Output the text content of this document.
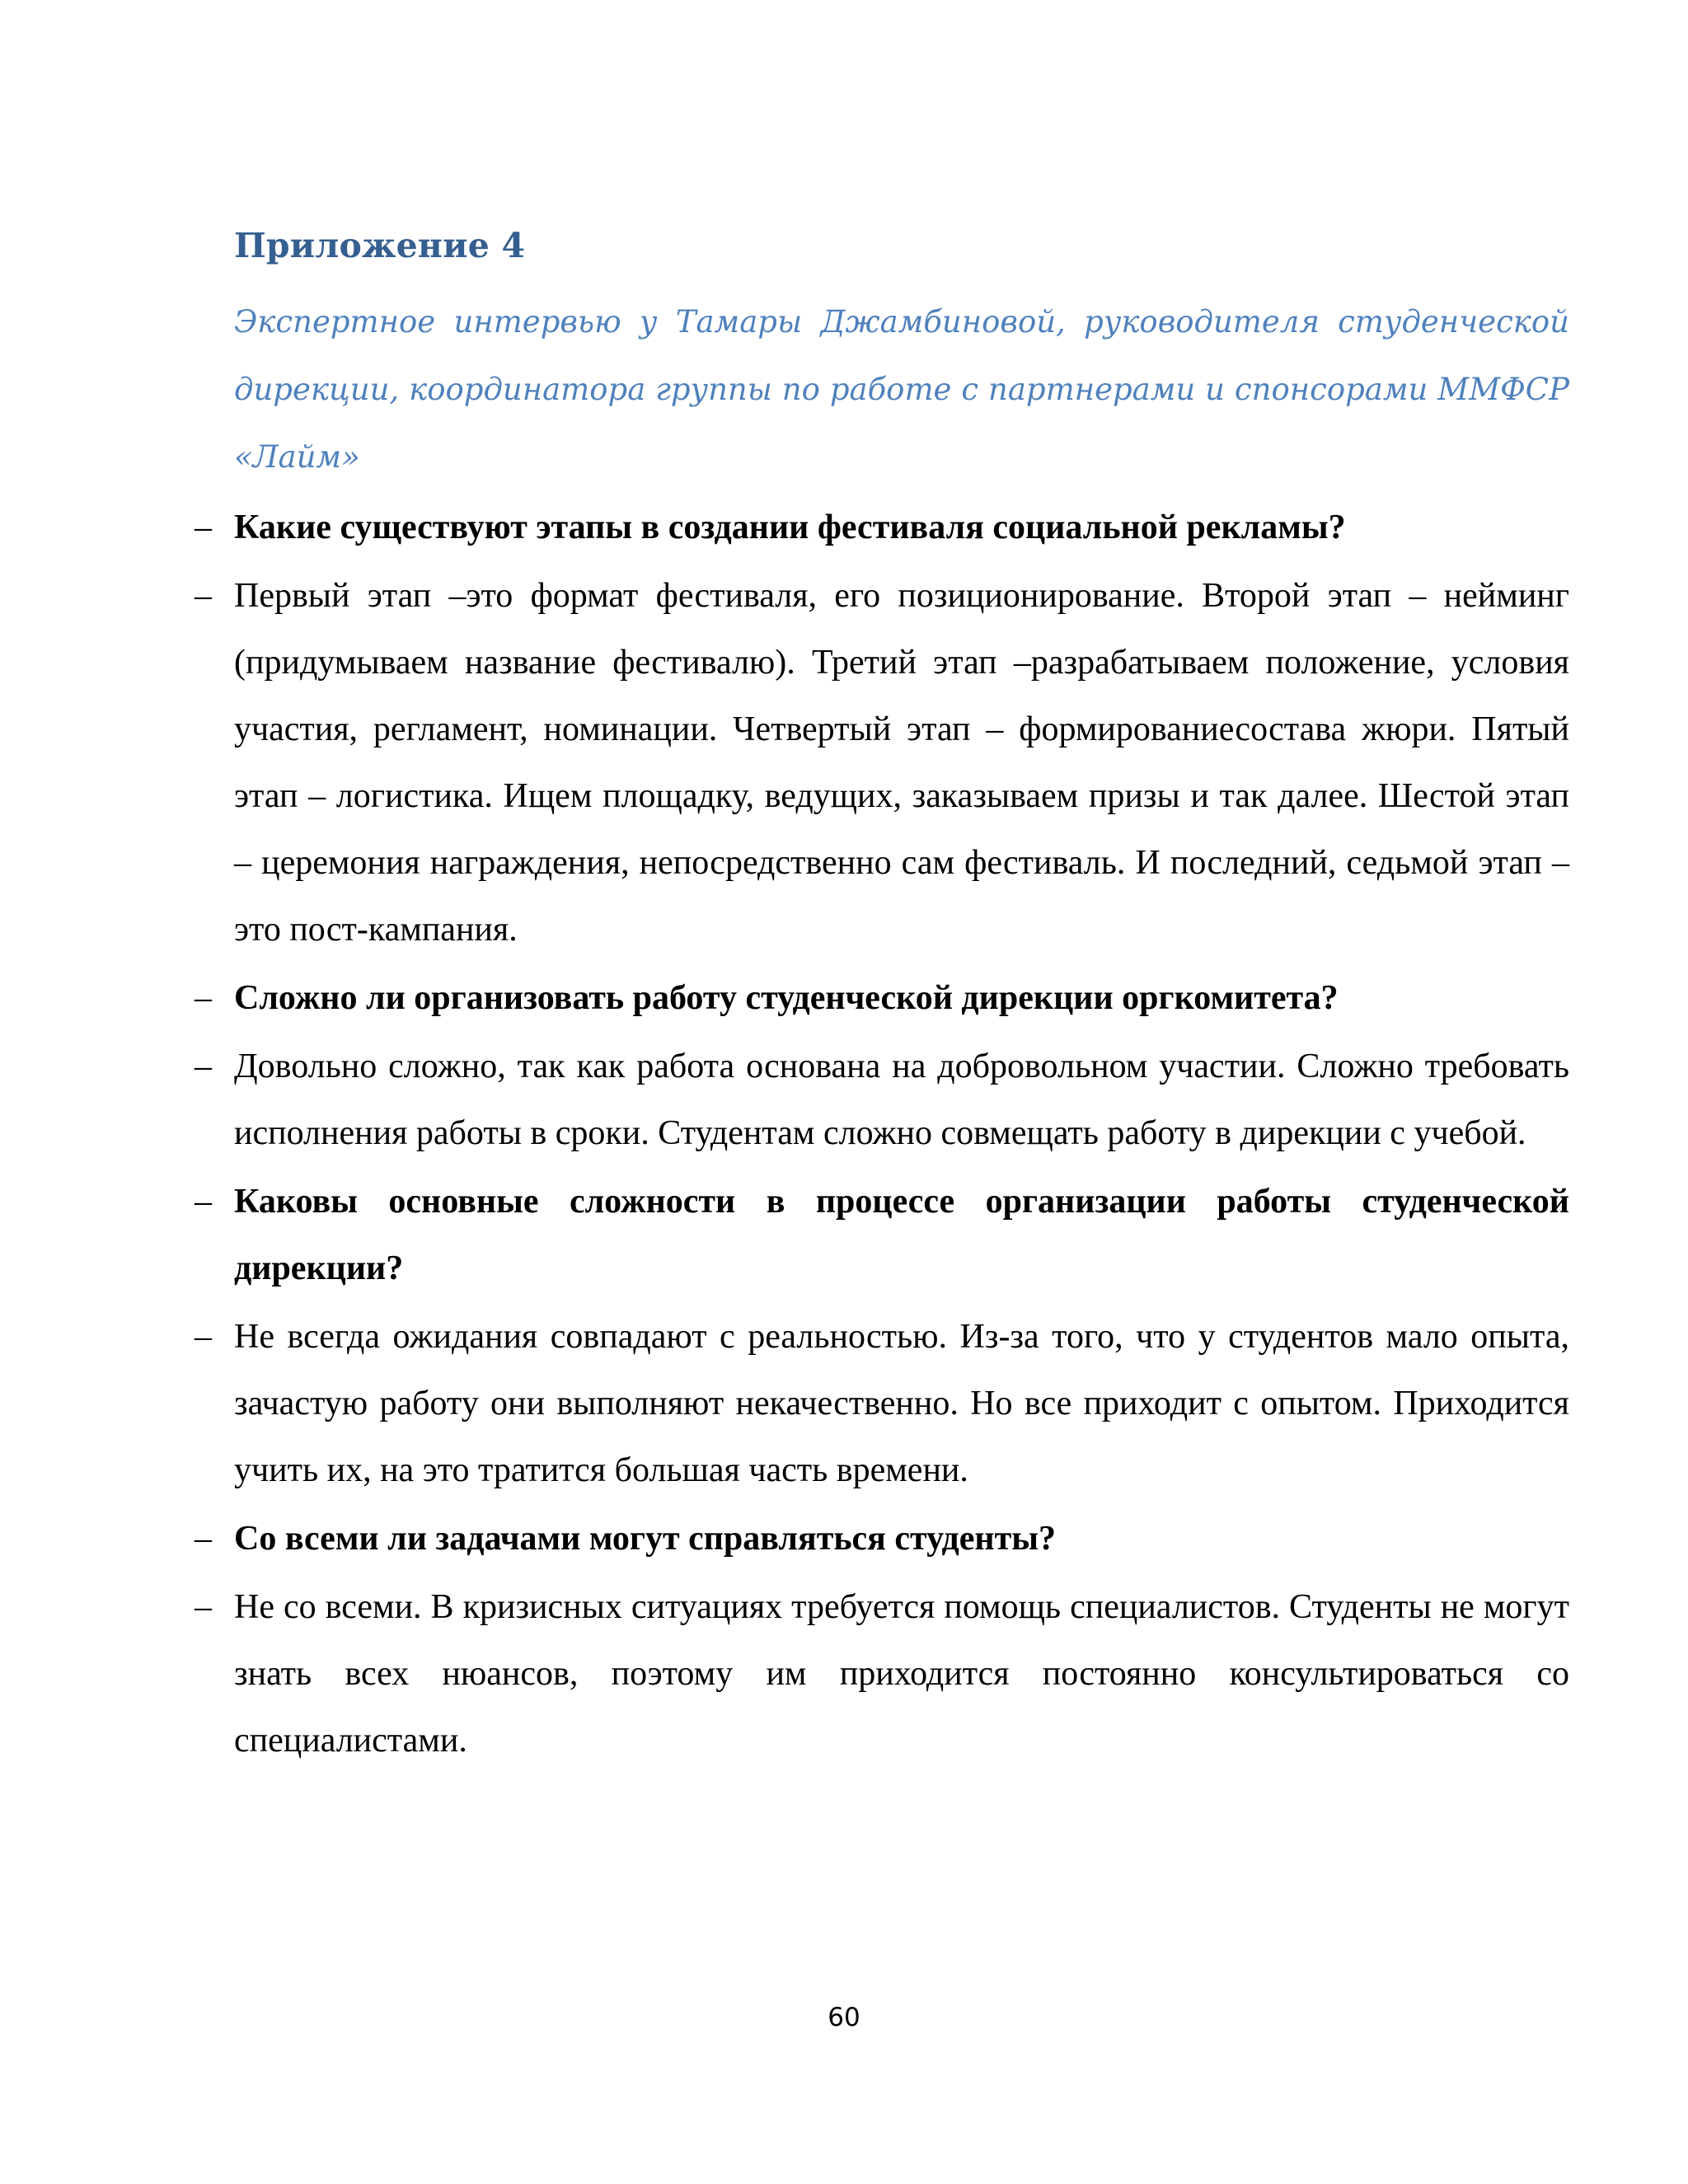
Приложение 4

Экспертное интервью у Тамары Джамбиновой, руководителя студенческой дирекции, координатора группы по работе с партнерами и спонсорами ММФСР «Лайм»

– Какие существуют этапы в создании фестиваля социальной рекламы?
– Первый этап –это формат фестиваля, его позиционирование. Второй этап – нейминг (придумываем название фестивалю). Третий этап –разрабатываем положение, условия участия, регламент, номинации. Четвертый этап – формированиесостава жюри. Пятый этап – логистика. Ищем площадку, ведущих, заказываем призы и так далее. Шестой этап – церемония награждения, непосредственно сам фестиваль. И последний, седьмой этап –это пост-кампания.
– Сложно ли организовать работу студенческой дирекции оргкомитета?
– Довольно сложно, так как работа основана на добровольном участии. Сложно требовать исполнения работы в сроки. Студентам сложно совмещать работу в дирекции с учебой.
– Каковы основные сложности в процессе организации работы студенческой дирекции?
– Не всегда ожидания совпадают с реальностью. Из-за того, что у студентов мало опыта, зачастую работу они выполняют некачественно. Но все приходит с опытом. Приходится учить их, на это тратится большая часть времени.
– Со всеми ли задачами могут справляться студенты?
– Не со всеми. В кризисных ситуациях требуется помощь специалистов. Студенты не могут знать всех нюансов, поэтому им приходится постоянно консультироваться со специалистами.
60
